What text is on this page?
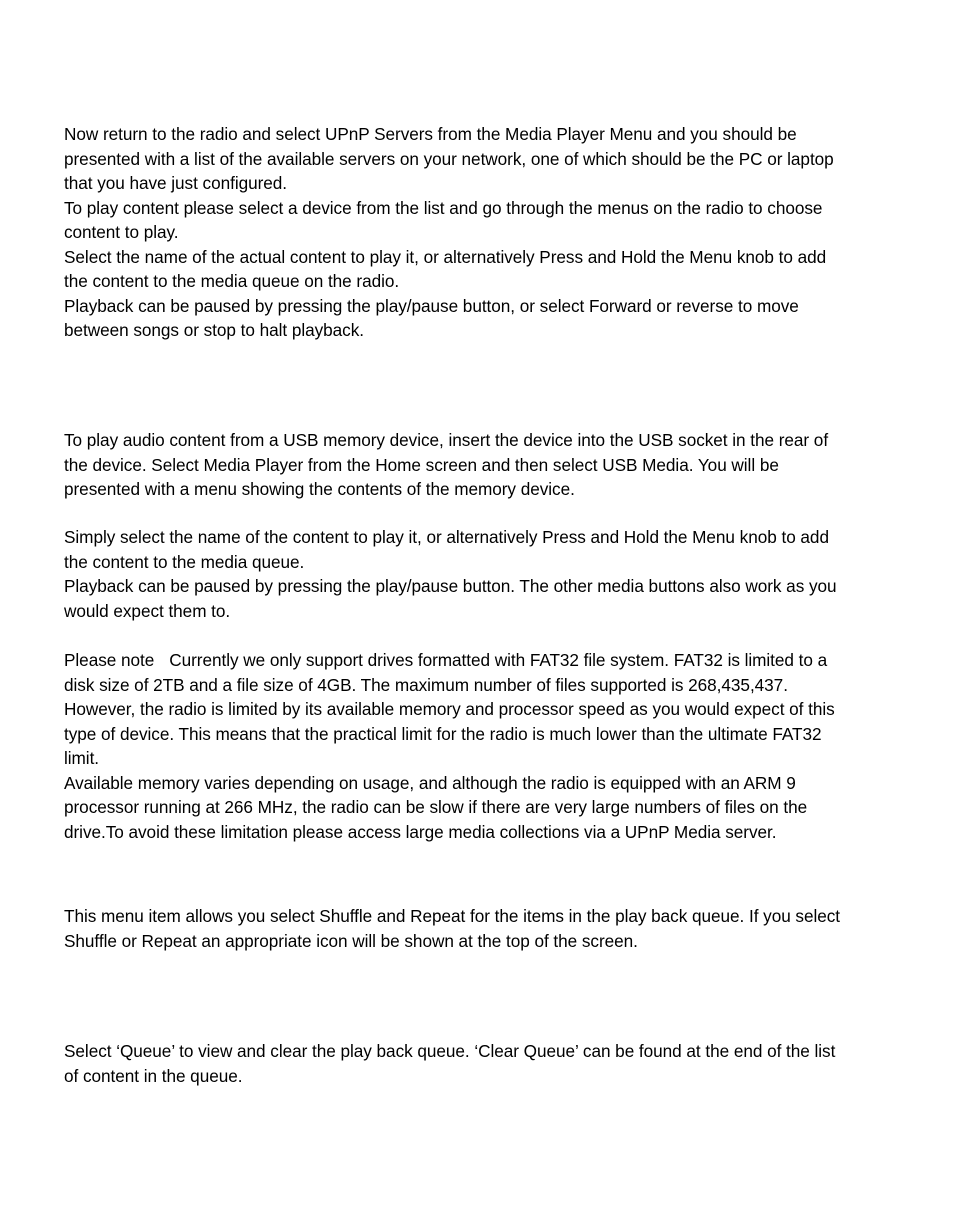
Now return to the radio and select UPnP Servers from the Media Player Menu and you should be
presented with a list of the available servers on your network, one of which should be the PC or laptop
that you have just configured.
To play content please select a device from the list and go through the menus on the radio to choose
content to play.
Select the name of the actual content to play it, or alternatively Press and Hold the Menu knob to add
the content to the media queue on the radio.
Playback can be paused by pressing the play/pause button, or select Forward or reverse to move
between songs or stop to halt playback.
To play audio content from a USB memory device, insert the device into the USB socket in the rear of
the device. Select Media Player from the Home screen and then select USB Media. You will be
presented with a menu showing the contents of the memory device.
Simply select the name of the content to play it, or alternatively Press and Hold the Menu knob to add
the content to the media queue.
Playback can be paused by pressing the play/pause button. The other media buttons also work as you
would expect them to.
Please note Currently we only support drives formatted with FAT32 file system. FAT32 is limited to a
disk size of 2TB and a file size of 4GB. The maximum number of files supported is 268,435,437.
However, the radio is limited by its available memory and processor speed as you would expect of this
type of device. This means that the practical limit for the radio is much lower than the ultimate FAT32
limit.
Available memory varies depending on usage, and although the radio is equipped with an ARM 9
processor running at 266 MHz, the radio can be slow if there are very large numbers of files on the
drive.To avoid these limitation please access large media collections via a UPnP Media server.
This menu item allows you select Shuffle and Repeat for the items in the play back queue. If you select
Shuffle or Repeat an appropriate icon will be shown at the top of the screen.
Select ‘Queue’ to view and clear the play back queue. ‘Clear Queue’ can be found at the end of the list
of content in the queue.
